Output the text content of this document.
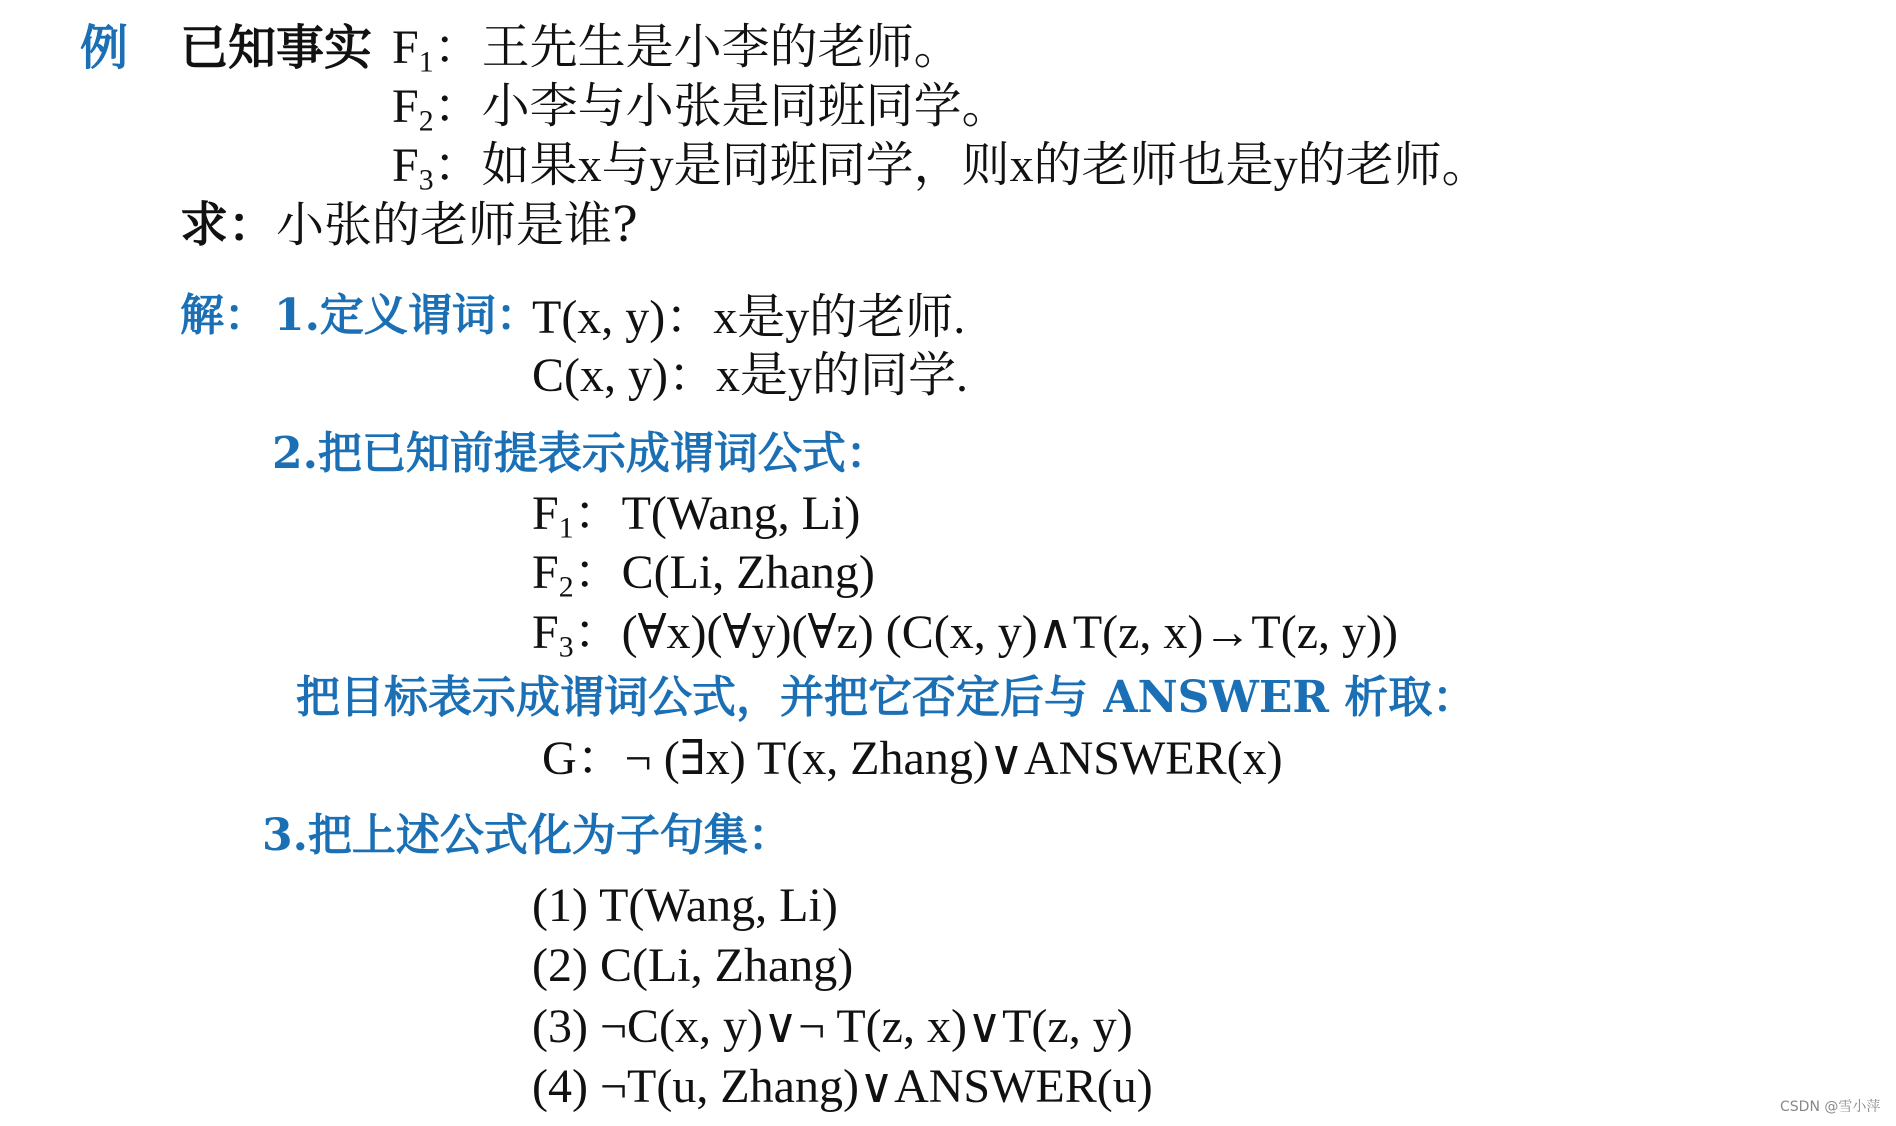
例 已知事实 $F_1$：王先生是小李的老师。
$F_2$：小李与小张是同班同学。
$F_3$：如果x与y是同班同学，则x的老师也是y的老师。
求：小张的老师是谁?
解： 1.定义谓词：
T(x, y)：x是y的老师.
C(x, y)：x是y的同学.
2.把已知前提表示成谓词公式：
$F_1$：T(Wang, Li)
$F_2$：C(Li, Zhang)
$F_3$：(∀x)(∀y)(∀z) (C(x, y)∧T(z, x)→T(z, y))
把目标表示成谓词公式，并把它否定后与 ANSWER 析取：
G：¬ (∃x) T(x, Zhang)∨ANSWER(x)
3.把上述公式化为子句集：
(1) T(Wang, Li)
(2) C(Li, Zhang)
(3) ¬C(x, y)∨¬ T(z, x)∨T(z, y)
(4) ¬T(u, Zhang)∨ANSWER(u)	CSDN @雪小萍
